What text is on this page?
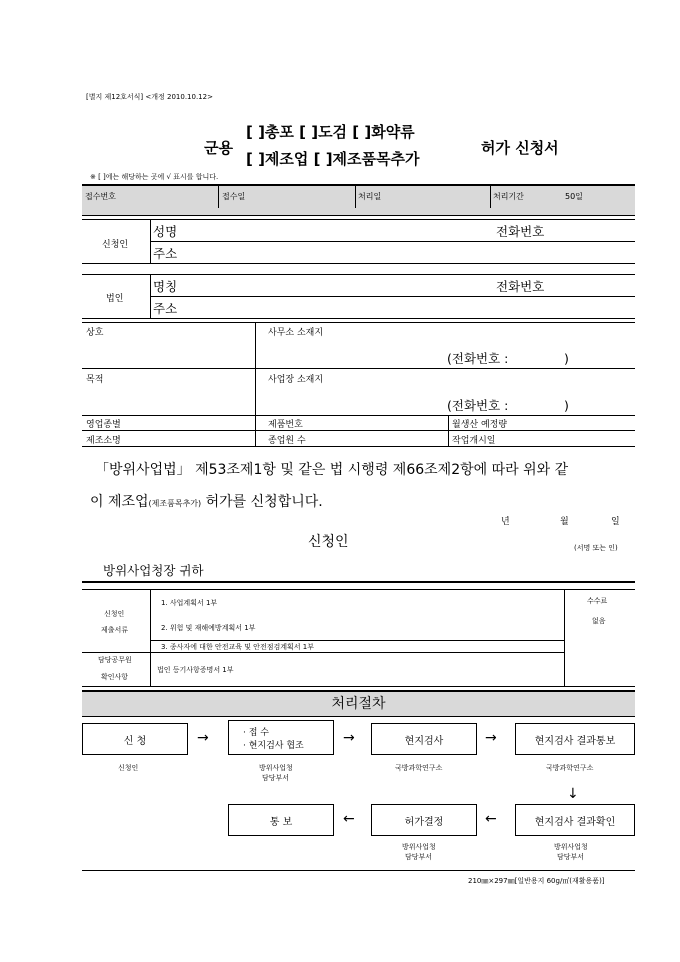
[별지 제12호서식] <개정 2010.10.12>
군용
[ ]총포 [ ]도검 [ ]화약류
[ ]제조업 [ ]제조품목추가
허가 신청서
※ [ ]에는 해당하는 곳에 √ 표시를 합니다.
접수번호	접수일	처리일	처리기간	50일
신청인
성명	전화번호
주소
법인
명칭	전화번호
주소
상호	사무소 소재지
(전화번호 :              )
목적	사업장 소재지
(전화번호 :              )
영업종별	제품번호	월생산 예정량
제조소명	종업원 수	작업개시일
「방위사업법」 제53조제1항 및 같은 법 시행령 제66조제2항에 따라 위와 같
이 제조업(제조품목추가) 허가를 신청합니다.
년	월	일
신청인	(서명 또는 인)
방위사업청장 귀하
신청인
제출서류
1. 사업계획서 1부
2. 위험 및 재해예방계획서 1부
3. 종사자에 대한 안전교육 및 안전점검계획서 1부
수수료
없음
담당공무원
확인사항
법인 등기사항증명서 1부
처리절차
신 청	→	· 접 수
· 현지검사 협조	→	현지검사	→	현지검사 결과통보
신청인	방위사업청
담당부서
국방과학연구소	국방과학연구소
↓
통 보	←	허가결정	←	현지검사 결과확인
방위사업청
담당부서
방위사업청
담당부서
210㎜×297㎜[일반용지 60g/㎡(재활용품)]
